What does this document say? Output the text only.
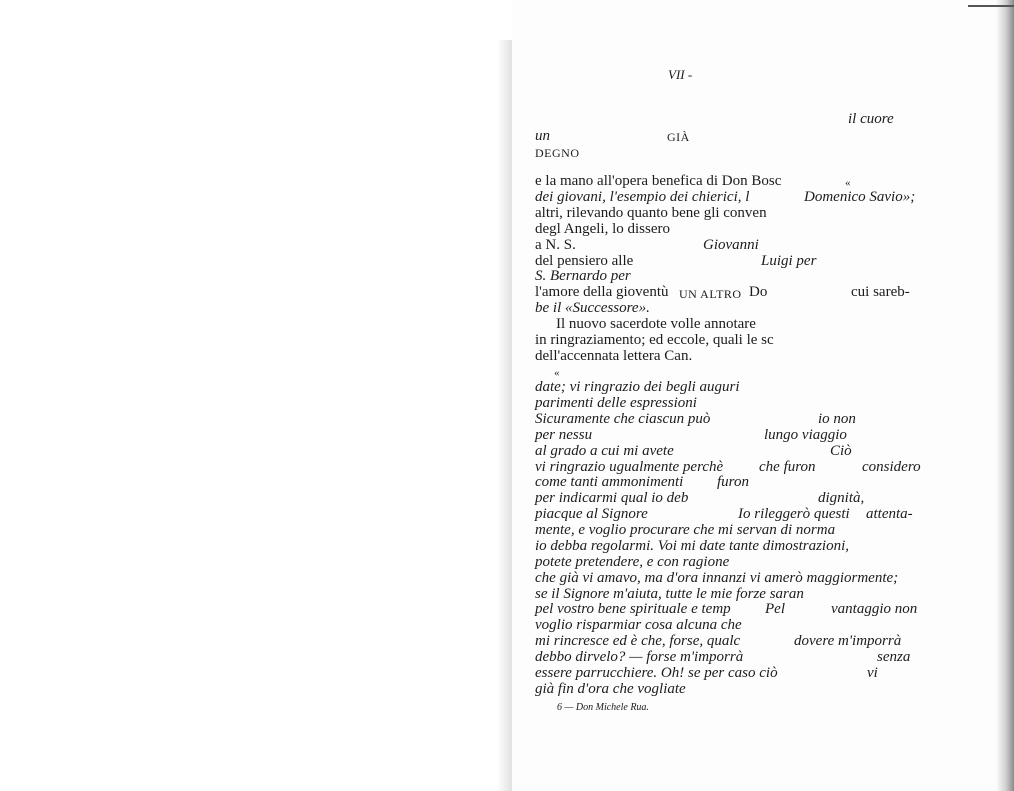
VII -
il cuore
un	GIÀ
DEGNO
e la mano all'opera benefica di Don Bosc	«
dei giovani, l'esempio dei chierici, l	Domenico Savio»;
altri, rilevando quanto bene gli conven
degl Angeli, lo dissero
a N. S.	Giovanni
del pensiero alle	Luigi per
S. Bernardo per
l'amore della gioventù UN ALTRO Do	cui sareb-
be il «Successore».
Il nuovo sacerdote volle annotare
in ringraziamento; ed eccole, quali le sc
dell'accennata lettera Can.
«
date; vi ringrazio dei begli auguri
parimenti delle espressioni
Sicuramente che ciascun può	io non
per nessu	lungo viaggio
al grado a cui mi avete	Ciò
vi ringrazio ugualmente perchè che furon	considero
come tanti ammonimenti furon
per indicarmi qual io deb	dignità,
piacque al Signore	Io rileggerò questi attenta-
mente, e voglio procurare che mi servan di norma
io debba regolarmi. Voi mi date tante dimostrazioni,
potete pretendere, e con ragione
che già vi amavo, ma d'ora innanzi vi amerò maggiormente;
se il Signore m'aiuta, tutte le mie forze saran
pel vostro bene spirituale e temp Pel	vantaggio non
voglio risparmiar cosa alcuna che
mi rincresce ed è che, forse, qualc	dovere m'imporrà
debbo dirvelo? — forse m'imporrà	senza
essere parrucchiere. Oh! se per caso ciò	vi
già fin d'ora che vogliate
6 — Don Michele Rua.
